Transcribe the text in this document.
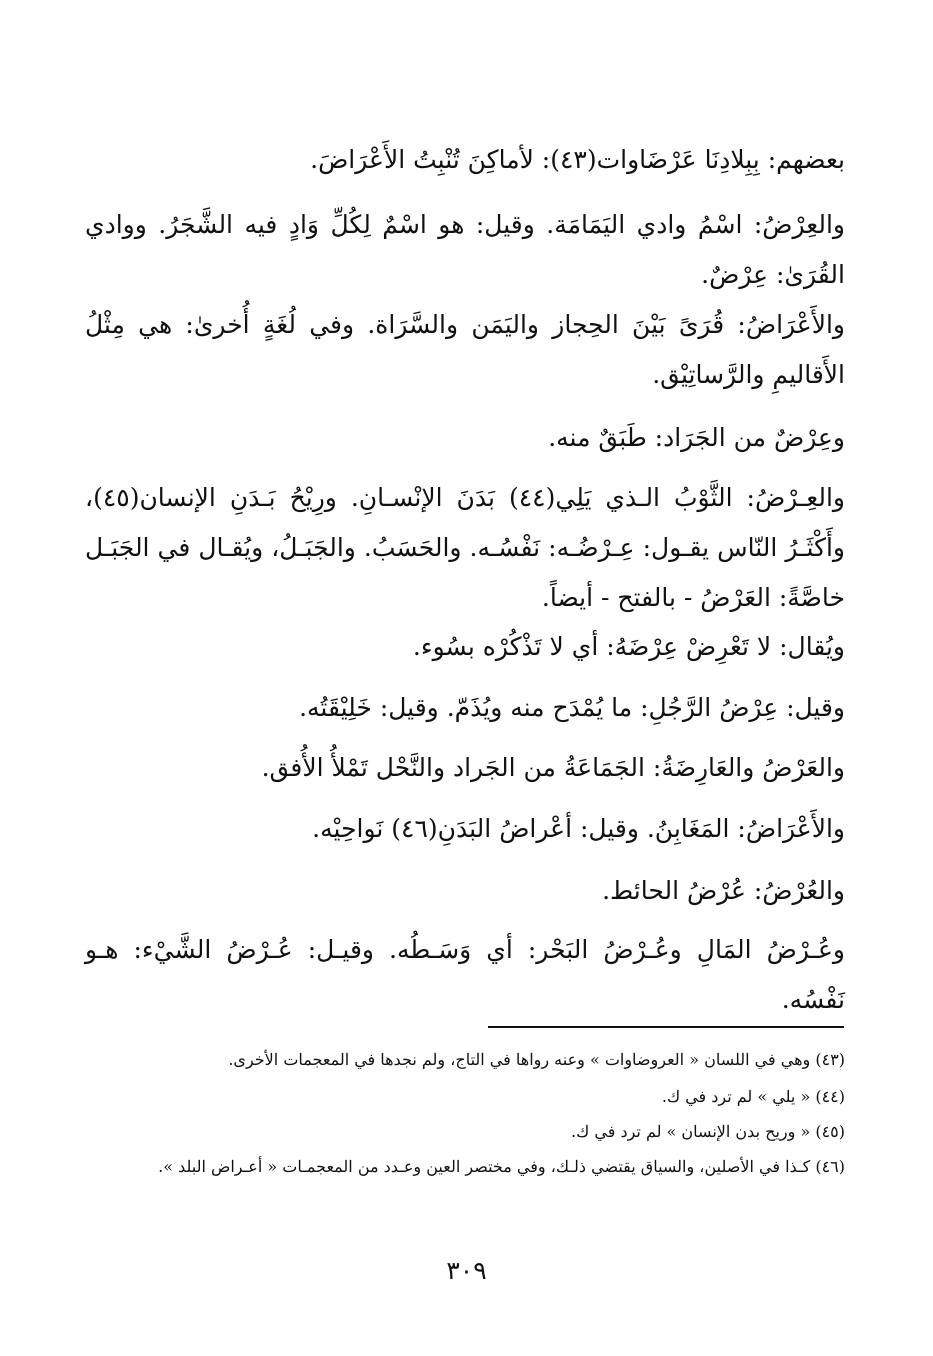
بعضهم: بِبِلادِنَا عَرْضَاوات(٤٣): لأماكِنَ تُنْبِتُ الأَعْرَاضَ.

والعِرْضُ: اسْمُ وادي اليَمَامَة. وقيل: هو اسْمٌ لِكُلِّ وَادٍ فيه الشَّجَرُ. ووادي القُرَىٰ: عِرْضٌ.

والأَعْرَاضُ: قُرَىً بَيْنَ الحِجاز واليَمَن والسَّرَاة. وفي لُغَةٍ أُخرىٰ: هي مِثْلُ الأَقاليمِ والرَّساتِيْق.

وعِرْضٌ من الجَرَاد: طَبَقٌ منه.

والعِـرْضُ: الثَّوْبُ الـذي يَلِي(٤٤) بَدَنَ الإنْسـانِ. ورِيْحُ بَـدَنِ الإنسان(٤٥)، وأَكْثَـرُ النّاس يقـول: عِـرْضُـه: نَفْسُـه. والحَسَبُ. والجَبَـلُ، ويُقـال في الجَبَـل خاصَّةً: العَرْضُ - بالفتح - أيضاً.

ويُقال: لا تَعْرِضْ عِرْضَهُ: أي لا تَذْكُرْه بسُوء.

وقيل: عِرْضُ الرَّجُلِ: ما يُمْدَح منه ويُذَمّ. وقيل: خَلِيْقَتُه.

والعَرْضُ والعَارِضَةُ: الجَمَاعَةُ من الجَراد والنَّحْل تَمْلأُ الأُفق.

والأَعْرَاضُ: المَغَابِنُ. وقيل: أعْراضُ البَدَنِ(٤٦) نَواحِيْه.

والعُرْضُ: عُرْضُ الحائط.

وعُـرْضُ المَالِ وعُـرْضُ البَحْر: أي وَسَـطُه. وقيـل: عُـرْضُ الشَّيْء: هـو نَفْسُه.

(٤٣) وهي في اللسان « العروضاوات » وعنه رواها في التاج، ولم نجدها في المعجمات الأخرى.

(٤٤) « يلي » لم ترد في ك.

(٤٥) « وريح بدن الإنسان » لم ترد في ك.

(٤٦) كـذا في الأصلين، والسياق يقتضي ذلـك، وفي مختصر العين وعـدد من المعجمـات « أعـراض البلد ».

٣٠٩
